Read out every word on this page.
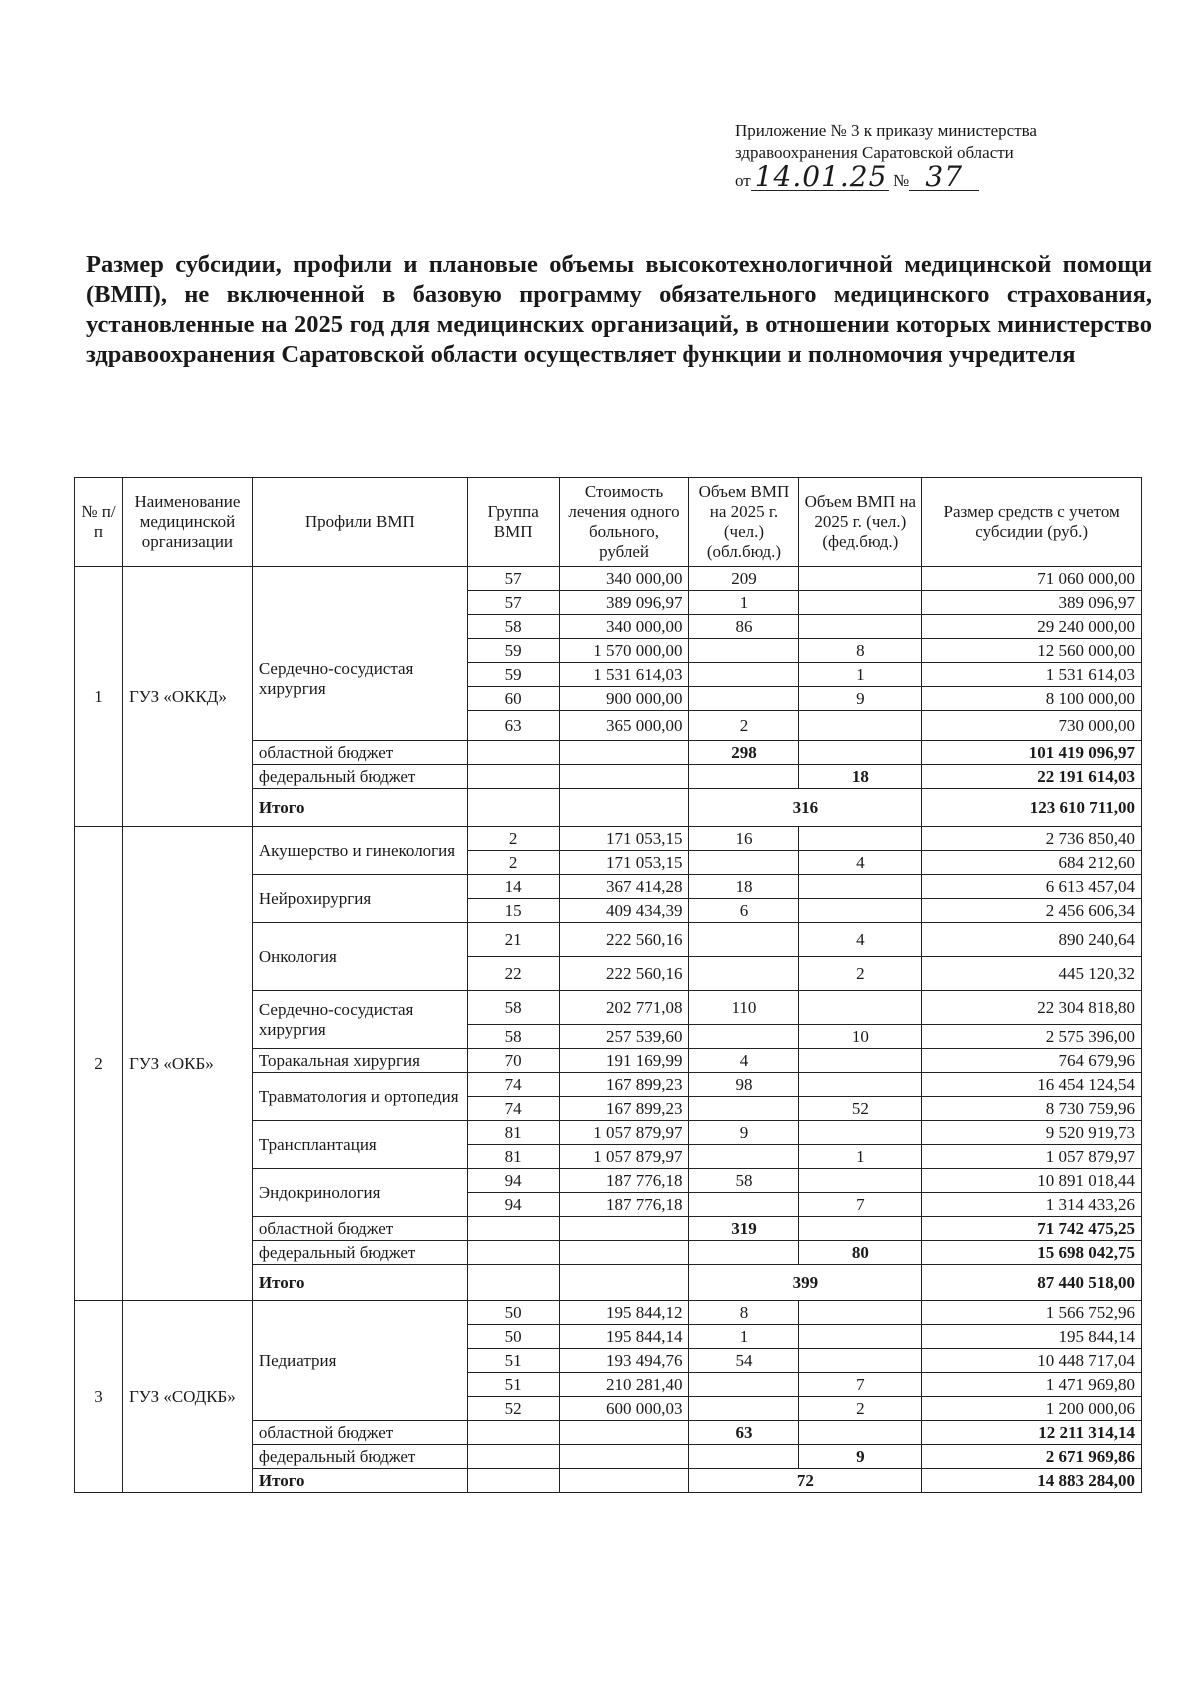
Приложение № 3 к приказу министерства
здравоохранения Саратовской области
от 14.01.25 № 37
Размер субсидии, профили и плановые объемы высокотехнологичной медицинской помощи (ВМП), не включенной в базовую программу обязательного медицинского страхования, установленные на 2025 год для медицинских организаций, в отношении которых министерство здравоохранения Саратовской области осуществляет функции и полномочия учредителя
№ п/п	Наименование медицинской организации	Профили ВМП	Группа ВМП	Стоимость лечения одного больного, рублей	Объем ВМП на 2025 г. (чел.) (обл.бюд.)	Объем ВМП на 2025 г. (чел.) (фед.бюд.)	Размер средств с учетом субсидии (руб.)
1	ГУЗ «ОККД»	Сердечно-сосудистая хирургия	57	340 000,00	209		71 060 000,00
			57	389 096,97	1		389 096,97
			58	340 000,00	86		29 240 000,00
			59	1 570 000,00		8	12 560 000,00
			59	1 531 614,03		1	1 531 614,03
			60	900 000,00		9	8 100 000,00
			63	365 000,00	2		730 000,00
		областной бюджет			298		101 419 096,97
		федеральный бюджет				18	22 191 614,03
		Итого			316		123 610 711,00
2	ГУЗ «ОКБ»	Акушерство и гинекология	2	171 053,15	16		2 736 850,40
			2	171 053,15		4	684 212,60
		Нейрохирургия	14	367 414,28	18		6 613 457,04
			15	409 434,39	6		2 456 606,34
		Онкология	21	222 560,16		4	890 240,64
			22	222 560,16		2	445 120,32
		Сердечно-сосудистая хирургия	58	202 771,08	110		22 304 818,80
			58	257 539,60		10	2 575 396,00
		Торакальная хирургия	70	191 169,99	4		764 679,96
		Травматология и ортопедия	74	167 899,23	98		16 454 124,54
			74	167 899,23		52	8 730 759,96
		Трансплантация	81	1 057 879,97	9		9 520 919,73
			81	1 057 879,97		1	1 057 879,97
		Эндокринология	94	187 776,18	58		10 891 018,44
			94	187 776,18		7	1 314 433,26
		областной бюджет			319		71 742 475,25
		федеральный бюджет				80	15 698 042,75
		Итого			399		87 440 518,00
3	ГУЗ «СОДКБ»	Педиатрия	50	195 844,12	8		1 566 752,96
			50	195 844,14	1		195 844,14
			51	193 494,76	54		10 448 717,04
			51	210 281,40		7	1 471 969,80
			52	600 000,03		2	1 200 000,06
		областной бюджет			63		12 211 314,14
		федеральный бюджет				9	2 671 969,86
		Итого			72		14 883 284,00
